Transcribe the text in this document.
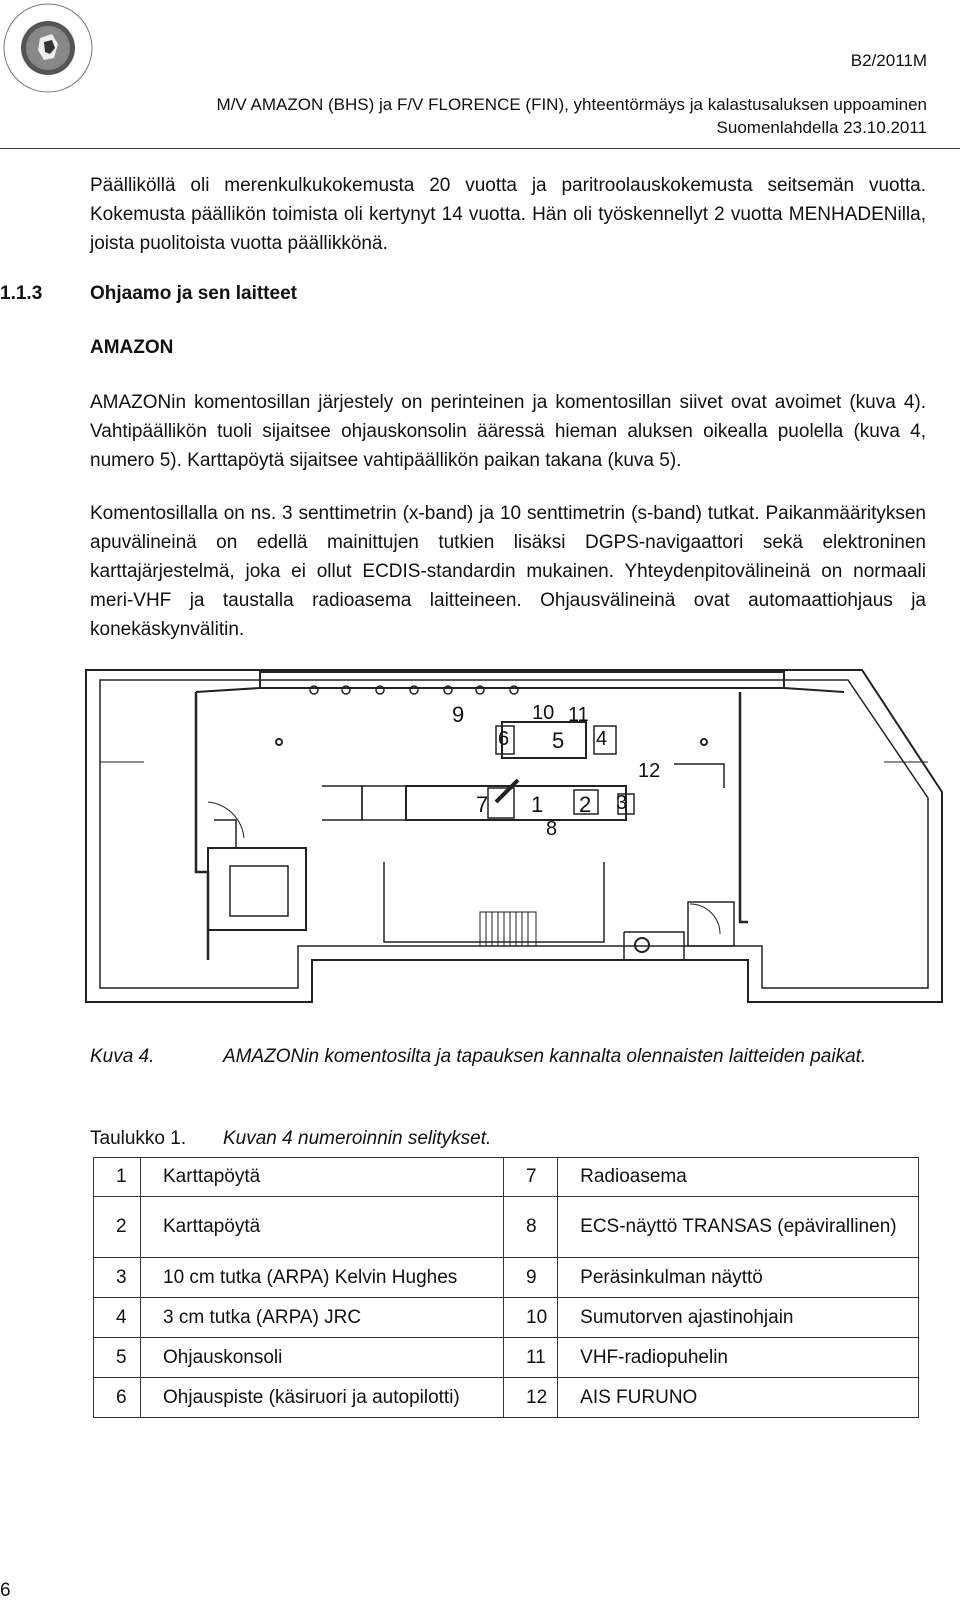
B2/2011M
M/V AMAZON (BHS) ja F/V FLORENCE (FIN), yhteentörmäys ja kalastusaluksen uppoaminen
Suomenlahdella 23.10.2011
Päälliköllä oli merenkulkukokemusta 20 vuotta ja paritroolauskokemusta seitsemän vuotta. Kokemusta päällikön toimista oli kertynyt 14 vuotta. Hän oli työskennellyt 2 vuotta MENHADENilla, joista puolitoista vuotta päällikkönä.
1.1.3	Ohjaamo ja sen laitteet
AMAZON
AMAZONin komentosillan järjestely on perinteinen ja komentosillan siivet ovat avoimet (kuva 4). Vahtipäällikön tuoli sijaitsee ohjauskonsolin ääressä hieman aluksen oikealla puolella (kuva 4, numero 5). Karttapöytä sijaitsee vahtipäällikön paikan takana (kuva 5).
Komentosillalla on ns. 3 senttimetrin (x-band) ja 10 senttimetrin (s-band) tutkat. Paikanmäärityksen apuvälineinä on edellä mainittujen tutkien lisäksi DGPS-navigaattori sekä elektroninen karttajärjestelmä, joka ei ollut ECDIS-standardin mukainen. Yhteydenpitovälineinä on normaali meri-VHF ja taustalla radioasema laitteineen. Ohjausvälineinä ovat automaattiohjaus ja konekäskynvälitin.
1 2 3
4
5
6
7
8
9	10 11
12
Kuva 4.	AMAZONin komentosilta ja tapauksen kannalta olennaisten laitteiden paikat.
Taulukko 1. Kuvan 4 numeroinnin selitykset.
1	Karttapöytä	7	Radioasema
2	Karttapöytä	8	ECS-näyttö TRANSAS (epävirallinen)
3	10 cm tutka (ARPA) Kelvin Hughes	9	Peräsinkulman näyttö
4	3 cm tutka (ARPA) JRC	10	Sumutorven ajastinohjain
5	Ohjauskonsoli	11	VHF-radiopuhelin
6	Ohjauspiste (käsiruori ja autopilotti)	12	AIS FURUNO
6
